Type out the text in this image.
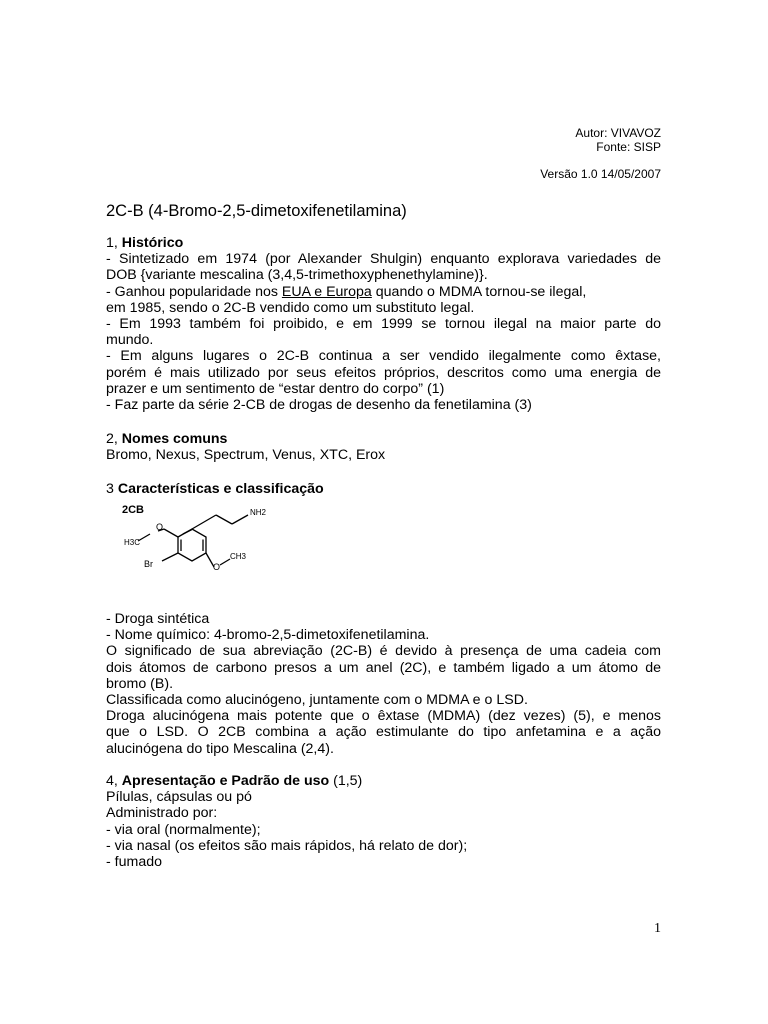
Autor: VIVAVOZ
Fonte: SISP
Versão 1.0 14/05/2007
2C-B (4-Bromo-2,5-dimetoxifenetilamina)
1, Histórico
- Sintetizado em 1974 (por Alexander Shulgin) enquanto explorava variedades de
DOB {variante mescalina (3,4,5-trimethoxyphenethylamine)}.
- Ganhou popularidade nos EUA e Europa quando o MDMA tornou-se ilegal,
em 1985, sendo o 2C-B vendido como um substituto legal.
- Em 1993 também foi proibido, e em 1999 se tornou ilegal na maior parte do
mundo.
- Em alguns lugares o 2C-B continua a ser vendido ilegalmente como êxtase,
porém é mais utilizado por seus efeitos próprios, descritos como uma energia de
prazer e um sentimento de “estar dentro do corpo” (1)
- Faz parte da série 2-CB de drogas de desenho da fenetilamina (3)
2, Nomes comuns
Bromo, Nexus, Spectrum, Venus, XTC, Erox
3 Características e classificação
2CB
O
H3C
NH2
O
CH3
Br
- Droga sintética
- Nome químico: 4-bromo-2,5-dimetoxifenetilamina.
O significado de sua abreviação (2C-B) é devido à presença de uma cadeia com
dois átomos de carbono presos a um anel (2C), e também ligado a um átomo de
bromo (B).
Classificada como alucinógeno, juntamente com o MDMA e o LSD.
Droga alucinógena mais potente que o êxtase (MDMA) (dez vezes) (5), e menos
que o LSD. O 2CB combina a ação estimulante do tipo anfetamina e a ação
alucinógena do tipo Mescalina (2,4).
4, Apresentação e Padrão de uso (1,5)
Pílulas, cápsulas ou pó
Administrado por:
- via oral (normalmente);
- via nasal (os efeitos são mais rápidos, há relato de dor);
- fumado
1
